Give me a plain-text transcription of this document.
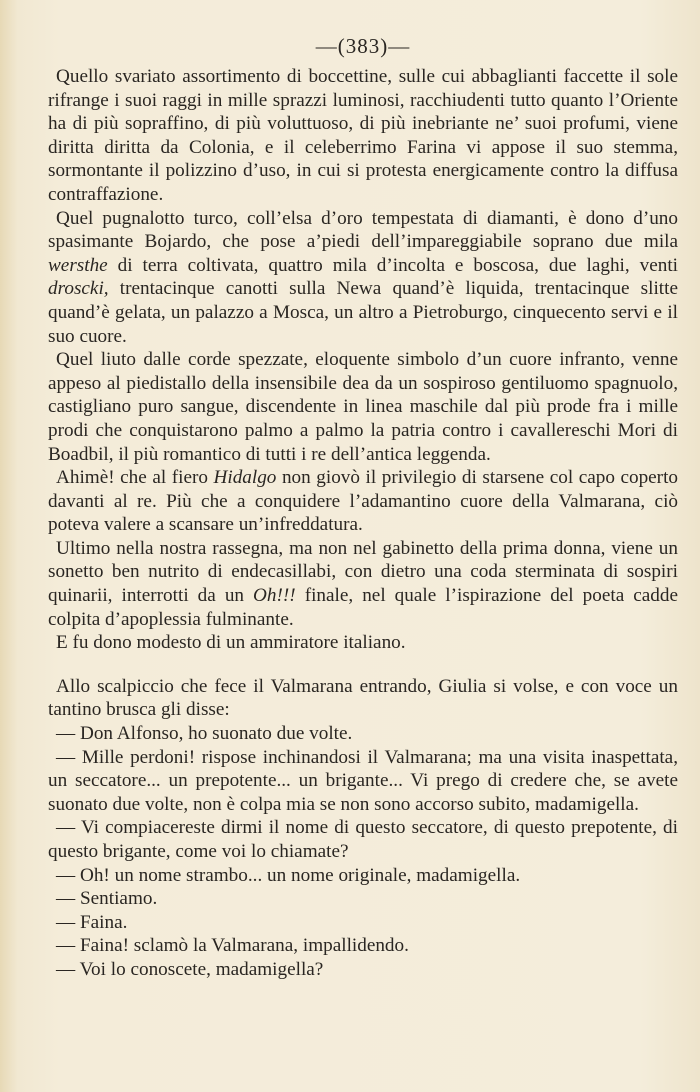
—(383)—

Quello svariato assortimento di boccettine, sulle cui abbaglianti faccette il sole rifrange i suoi raggi in mille sprazzi luminosi, racchiudenti tutto quanto l’Oriente ha di più sopraffino, di più voluttuoso, di più inebriante ne’ suoi profumi, viene diritta diritta da Colonia, e il celeberrimo Farina vi appose il suo stemma, sormontante il polizzino d’uso, in cui si protesta energicamente contro la diffusa contraffazione.

Quel pugnalotto turco, coll’elsa d’oro tempestata di diamanti, è dono d’uno spasimante Bojardo, che pose a’piedi dell’impareggiabile soprano due mila wersthe di terra coltivata, quattro mila d’incolta e boscosa, due laghi, venti droscki, trentacinque canotti sulla Newa quand’è liquida, trentacinque slitte quand’è gelata, un palazzo a Mosca, un altro a Pietroburgo, cinquecento servi e il suo cuore.

Quel liuto dalle corde spezzate, eloquente simbolo d’un cuore infranto, venne appeso al piedistallo della insensibile dea da un sospiroso gentiluomo spagnuolo, castigliano puro sangue, discendente in linea maschile dal più prode fra i mille prodi che conquistarono palmo a palmo la patria contro i cavallereschi Mori di Boadbil, il più romantico di tutti i re dell’antica leggenda.

Ahimè! che al fiero Hidalgo non giovò il privilegio di starsene col capo coperto davanti al re. Più che a conquidere l’adamantino cuore della Valmarana, ciò poteva valere a scansare un’infreddatura.

Ultimo nella nostra rassegna, ma non nel gabinetto della prima donna, viene un sonetto ben nutrito di endecasillabi, con dietro una coda sterminata di sospiri quinarii, interrotti da un Oh!!! finale, nel quale l’ispirazione del poeta cadde colpita d’apoplessia fulminante.

E fu dono modesto di un ammiratore italiano.

Allo scalpiccio che fece il Valmarana entrando, Giulia si volse, e con voce un tantino brusca gli disse:

— Don Alfonso, ho suonato due volte.

— Mille perdoni! rispose inchinandosi il Valmarana; ma una visita inaspettata, un seccatore... un prepotente... un brigante... Vi prego di credere che, se avete suonato due volte, non è colpa mia se non sono accorso subito, madamigella.

— Vi compiacereste dirmi il nome di questo seccatore, di questo prepotente, di questo brigante, come voi lo chiamate?

— Oh! un nome strambo... un nome originale, madamigella.

— Sentiamo.

— Faina.

— Faina! sclamò la Valmarana, impallidendo.

— Voi lo conoscete, madamigella?
